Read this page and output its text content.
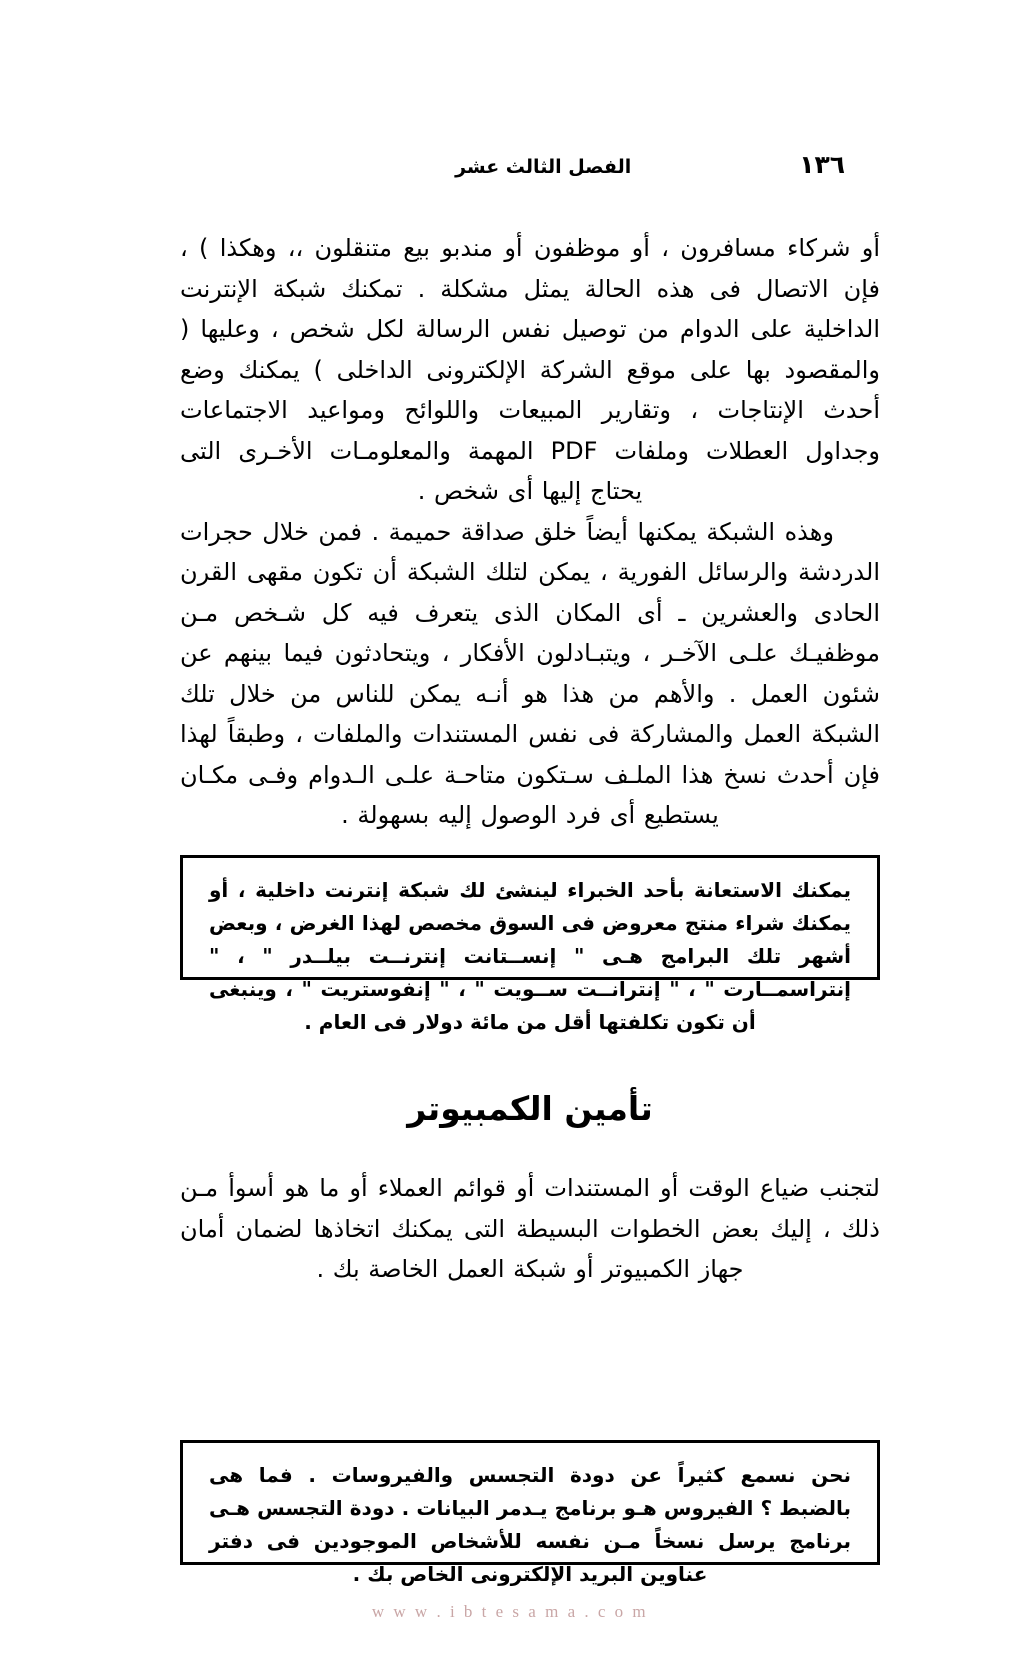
١٣٦
الفصل الثالث عشر

أو شركاء مسافرون ، أو موظفون أو مندبو بيع متنقلون ،، وهكذا ) ، فإن الاتصال فى هذه الحالة يمثل مشكلة . تمكنك شبكة الإنترنت الداخلية على الدوام من توصيل نفس الرسالة لكل شخص ، وعليها ( والمقصود بها على موقع الشركة الإلكترونى الداخلى ) يمكنك وضع أحدث الإنتاجات ، وتقارير المبيعات واللوائح ومواعيد الاجتماعات وجداول العطلات وملفات PDF المهمة والمعلومـات الأخـرى التى يحتاج إليها أى شخص .

وهذه الشبكة يمكنها أيضاً خلق صداقة حميمة . فمن خلال حجرات الدردشة والرسائل الفورية ، يمكن لتلك الشبكة أن تكون مقهى القرن الحادى والعشرين ـ أى المكان الذى يتعرف فيه كل شـخص مـن موظفيـك علـى الآخـر ، ويتبـادلون الأفكار ، ويتحادثون فيما بينهم عن شئون العمل . والأهم من هذا هو أنـه يمكن للناس من خلال تلك الشبكة العمل والمشاركة فى نفس المستندات والملفات ، وطبقاً لهذا فإن أحدث نسخ هذا الملـف سـتكون متاحـة علـى الـدوام وفـى مكـان يستطيع أى فرد الوصول إليه بسهولة .

يمكنك الاستعانة بأحد الخبراء لينشئ لك شبكة إنترنت داخلية ، أو يمكنك شراء منتج معروض فى السوق مخصص لهذا الغرض ، وبعض أشهر تلك البرامج هـى " إنســتانت إنترنــت بيلــدر " ، " إنتراسمــارت " ، " إنترانــت ســويت " ، " إنفوستريت " ، وينبغى أن تكون تكلفتها أقل من مائة دولار فى العام .

تأمين الكمبيوتر

لتجنب ضياع الوقت أو المستندات أو قوائم العملاء أو ما هو أسوأ مـن ذلك ، إليك بعض الخطوات البسيطة التى يمكنك اتخاذها لضمان أمان جهاز الكمبيوتر أو شبكة العمل الخاصة بك .

نحن نسمع كثيراً عن دودة التجسس والفيروسات . فما هى بالضبط ؟ الفيروس هـو برنامج يـدمر البيانات . دودة التجسس هـى برنامج يرسل نسخاً مـن نفسه للأشخاص الموجودين فى دفتر عناوين البريد الإلكترونى الخاص بك .

w w w . i b t e s a m a . c o m
